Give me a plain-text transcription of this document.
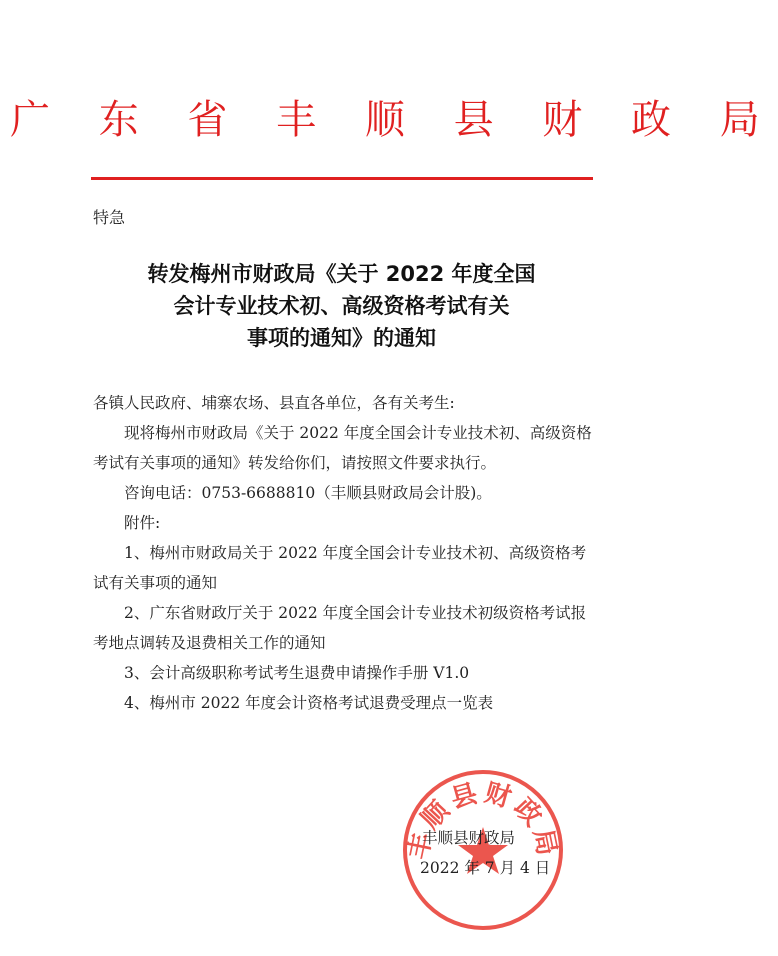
广 东 省 丰 顺 县 财 政 局
特急
转发梅州市财政局《关于 2022 年度全国
会计专业技术初、高级资格考试有关
事项的通知》的通知

各镇人民政府、埔寨农场、县直各单位，各有关考生:

现将梅州市财政局《关于 2022 年度全国会计专业技术初、高级资格考试有关事项的通知》转发给你们，请按照文件要求执行。

咨询电话：0753-6688810（丰顺县财政局会计股)。

附件:

1、梅州市财政局关于 2022 年度全国会计专业技术初、高级资格考试有关事项的通知

2、广东省财政厅关于 2022 年度全国会计专业技术初级资格考试报考地点调转及退费相关工作的通知

3、会计高级职称考试考生退费申请操作手册 V1.0

4、梅州市 2022 年度会计资格考试退费受理点一览表

丰顺县财政局
丰顺县财政局
2022 年 7 月 4 日
